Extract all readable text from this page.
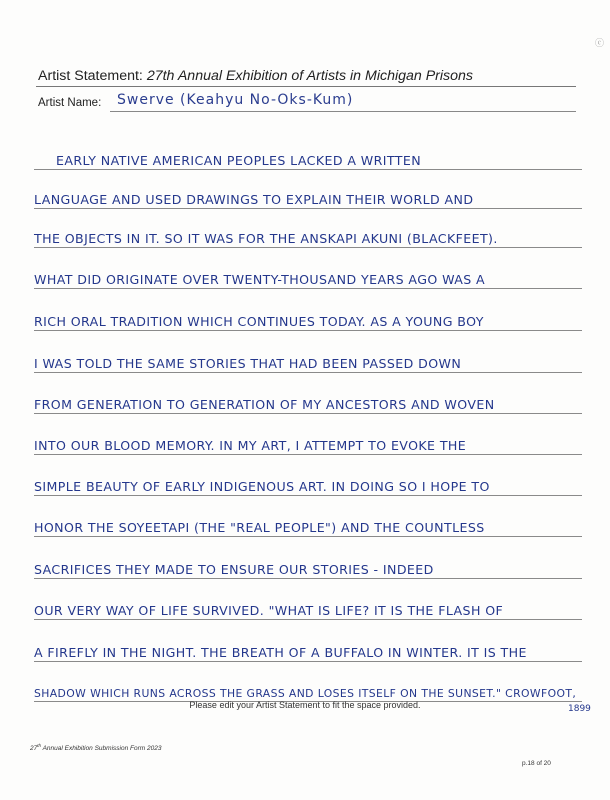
ⓒ
Artist Statement: 27th Annual Exhibition of Artists in Michigan Prisons
Artist Name: Swerve (Keahyu No-Oks-Kum)
EARLY NATIVE AMERICAN PEOPLES LACKED A WRITTEN
LANGUAGE AND USED DRAWINGS TO EXPLAIN THEIR WORLD AND
THE OBJECTS IN IT. SO IT WAS FOR THE ANSKAPI AKUNI (BLACKFEET).
WHAT DID ORIGINATE OVER TWENTY-THOUSAND YEARS AGO WAS A
RICH ORAL TRADITION WHICH CONTINUES TODAY. AS A YOUNG BOY
I WAS TOLD THE SAME STORIES THAT HAD BEEN PASSED DOWN
FROM GENERATION TO GENERATION OF MY ANCESTORS AND WOVEN
INTO OUR BLOOD MEMORY. IN MY ART, I ATTEMPT TO EVOKE THE
SIMPLE BEAUTY OF EARLY INDIGENOUS ART. IN DOING SO I HOPE TO
HONOR THE SOYEETAPI (THE "REAL PEOPLE") AND THE COUNTLESS
SACRIFICES THEY MADE TO ENSURE OUR STORIES - INDEED
OUR VERY WAY OF LIFE SURVIVED. "WHAT IS LIFE? IT IS THE FLASH OF
A FIREFLY IN THE NIGHT. THE BREATH OF A BUFFALO IN WINTER. IT IS THE
SHADOW WHICH RUNS ACROSS THE GRASS AND LOSES ITSELF ON THE SUNSET." CROWFOOT,
1899
Please edit your Artist Statement to fit the space provided.
27th Annual Exhibition Submission Form 2023
p.18 of 20
